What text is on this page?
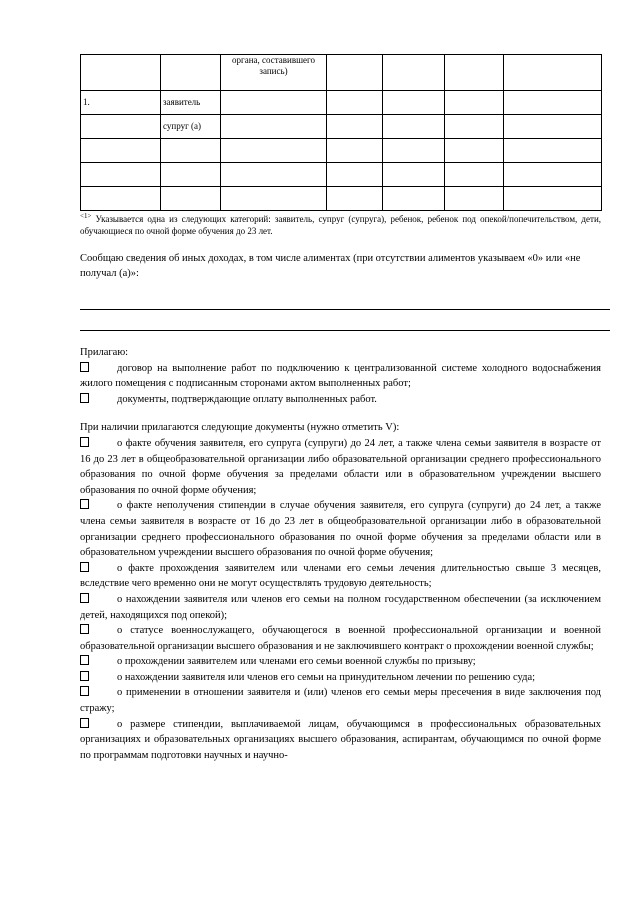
		органа, составившего запись)				
1.	заявитель					
	супруг (а)					

$^{<1>}$ Указывается одна из следующих категорий: заявитель, супруг (супруга), ребенок, ребенок под опекой/попечительством, дети, обучающиеся по очной форме обучения до 23 лет.
Сообщаю сведения об иных доходах, в том числе алиментах (при отсутствии алиментов указываем «0» или «не получал (а)»:

Прилагаю:

договор на выполнение работ по подключению к централизованной системе холодного водоснабжения жилого помещения с подписанным сторонами актом выполненных работ;

документы, подтверждающие оплату выполненных работ.

При наличии прилагаются следующие документы (нужно отметить V):

о факте обучения заявителя, его супруга (супруги) до 24 лет, а также члена семьи заявителя в возрасте от 16 до 23 лет в общеобразовательной организации либо образовательной организации среднего профессионального образования по очной форме обучения за пределами области или в образовательном учреждении высшего образования по очной форме обучения;

о факте неполучения стипендии в случае обучения заявителя, его супруга (супруги) до 24 лет, а также члена семьи заявителя в возрасте от 16 до 23 лет в общеобразовательной организации либо в образовательной организации среднего профессионального образования по очной форме обучения за пределами области или в образовательном учреждении высшего образования по очной форме обучения;

о факте прохождения заявителем или членами его семьи лечения длительностью свыше 3 месяцев, вследствие чего временно они не могут осуществлять трудовую деятельность;

о нахождении заявителя или членов его семьи на полном государственном обеспечении (за исключением детей, находящихся под опекой);

о статусе военнослужащего, обучающегося в военной профессиональной организации и военной образовательной организации высшего образования и не заключившего контракт о прохождении военной службы;

о прохождении заявителем или членами его семьи военной службы по призыву;

о нахождении заявителя или членов его семьи на принудительном лечении по решению суда;

о применении в отношении заявителя и (или) членов его семьи меры пресечения в виде заключения под стражу;

о размере стипендии, выплачиваемой лицам, обучающимся в профессиональных образовательных организациях и образовательных организациях высшего образования, аспирантам, обучающимся по очной форме по программам подготовки научных и научно-
